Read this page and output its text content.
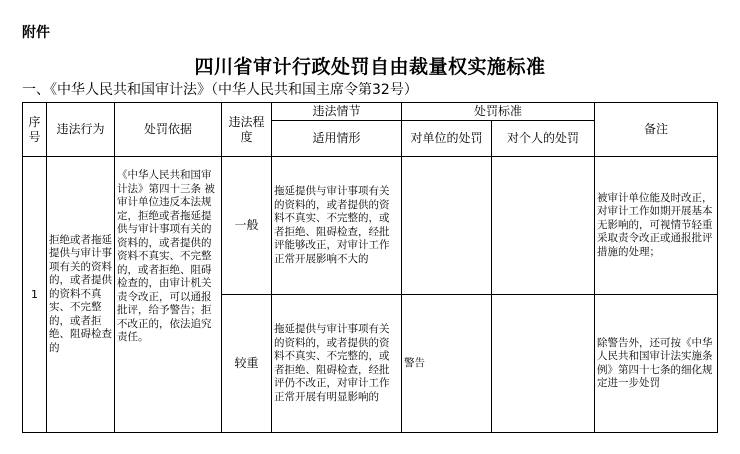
附件
四川省审计行政处罚自由裁量权实施标准
一、《中华人民共和国审计法》（中华人民共和国主席令第32号）
序号	违法行为	处罚依据	违法程度	违法情节	处罚标准		备注
				适用情形	对单位的处罚	对个人的处罚	
1	拒绝或者拖延提供与审计事项有关的资料的，或者提供的资料不真实、不完整的，或者拒绝、阻碍检查的	《中华人民共和国审计法》第四十三条 被审计单位违反本法规定，拒绝或者拖延提供与审计事项有关的资料的，或者提供的资料不真实、不完整的，或者拒绝、阻碍检查的，由审计机关责令改正，可以通报批评，给予警告；拒不改正的，依法追究责任。	一般	拖延提供与审计事项有关的资料的，或者提供的资料不真实、不完整的，或者拒绝、阻碍检查，经批评能够改正，对审计工作正常开展影响不大的			被审计单位能及时改正，对审计工作如期开展基本无影响的，可视情节轻重采取责令改正或通报批评措施的处理；
			较重	拖延提供与审计事项有关的资料的，或者提供的资料不真实、不完整的，或者拒绝、阻碍检查，经批评仍不改正，对审计工作正常开展有明显影响的	警告		除警告外，还可按《中华人民共和国审计法实施条例》第四十七条的细化规定进一步处罚
